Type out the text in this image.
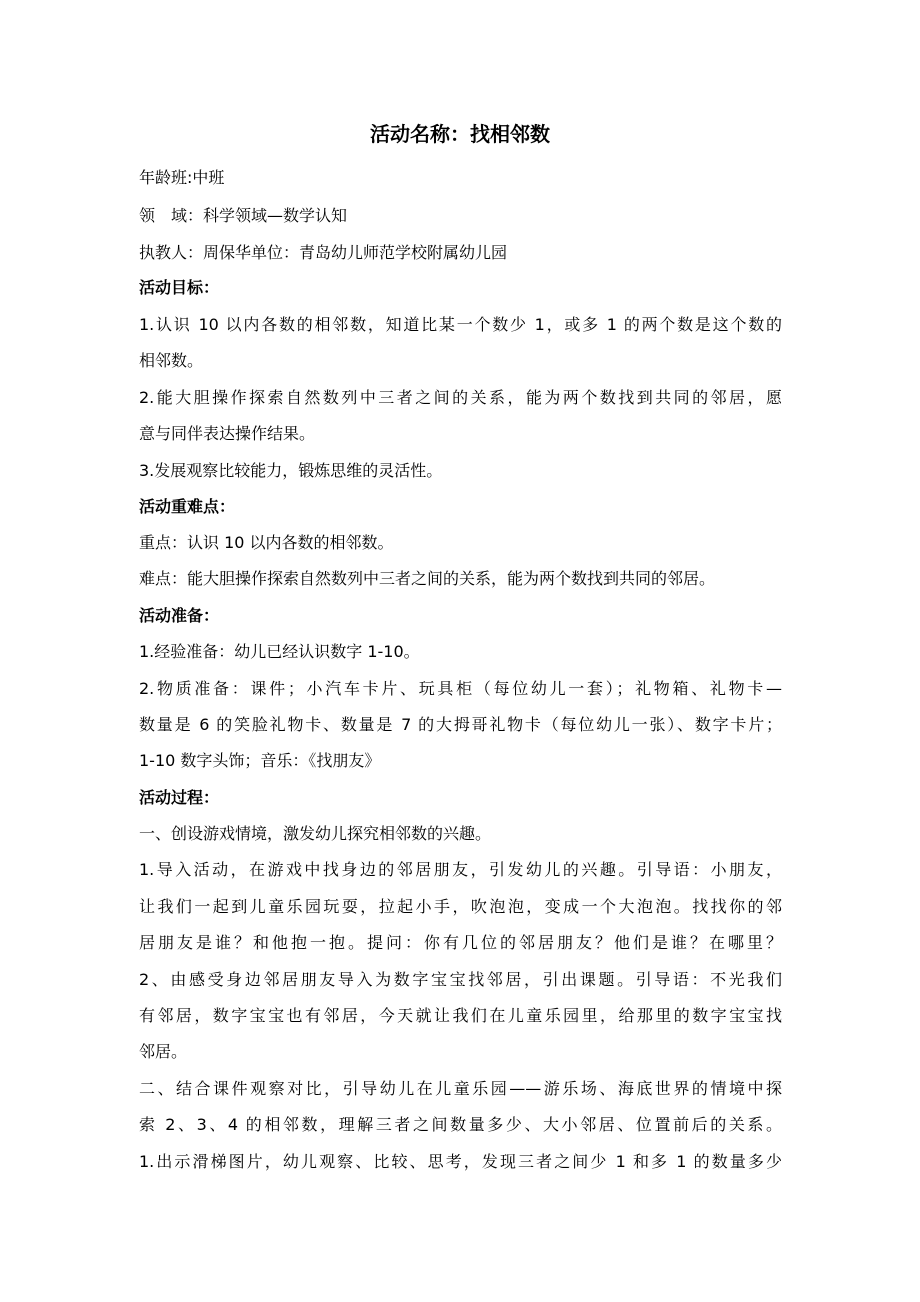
活动名称：找相邻数
年龄班:中班
领　域：科学领域—数学认知
执教人：周保华单位：青岛幼儿师范学校附属幼儿园
活动目标：
1.认识 10 以内各数的相邻数，知道比某一个数少 1，或多 1 的两个数是这个数的
相邻数。
2.能大胆操作探索自然数列中三者之间的关系，能为两个数找到共同的邻居，愿
意与同伴表达操作结果。
3.发展观察比较能力，锻炼思维的灵活性。
活动重难点：
重点：认识 10 以内各数的相邻数。
难点：能大胆操作探索自然数列中三者之间的关系，能为两个数找到共同的邻居。
活动准备：
1.经验准备：幼儿已经认识数字 1-10。
2.物质准备：课件；小汽车卡片、玩具柜（每位幼儿一套）；礼物箱、礼物卡—
数量是 6 的笑脸礼物卡、数量是 7 的大拇哥礼物卡（每位幼儿一张）、数字卡片；
1-10 数字头饰；音乐：《找朋友》
活动过程：
一、创设游戏情境，激发幼儿探究相邻数的兴趣。
1.导入活动，在游戏中找身边的邻居朋友，引发幼儿的兴趣。引导语：小朋友，
让我们一起到儿童乐园玩耍，拉起小手，吹泡泡，变成一个大泡泡。找找你的邻
居朋友是谁？和他抱一抱。提问：你有几位的邻居朋友？他们是谁？在哪里？
2、由感受身边邻居朋友导入为数字宝宝找邻居，引出课题。引导语：不光我们
有邻居，数字宝宝也有邻居，今天就让我们在儿童乐园里，给那里的数字宝宝找
邻居。
二、结合课件观察对比，引导幼儿在儿童乐园——游乐场、海底世界的情境中探
索 2、3、4 的相邻数，理解三者之间数量多少、大小邻居、位置前后的关系。
1.出示滑梯图片，幼儿观察、比较、思考，发现三者之间少 1 和多 1 的数量多少
